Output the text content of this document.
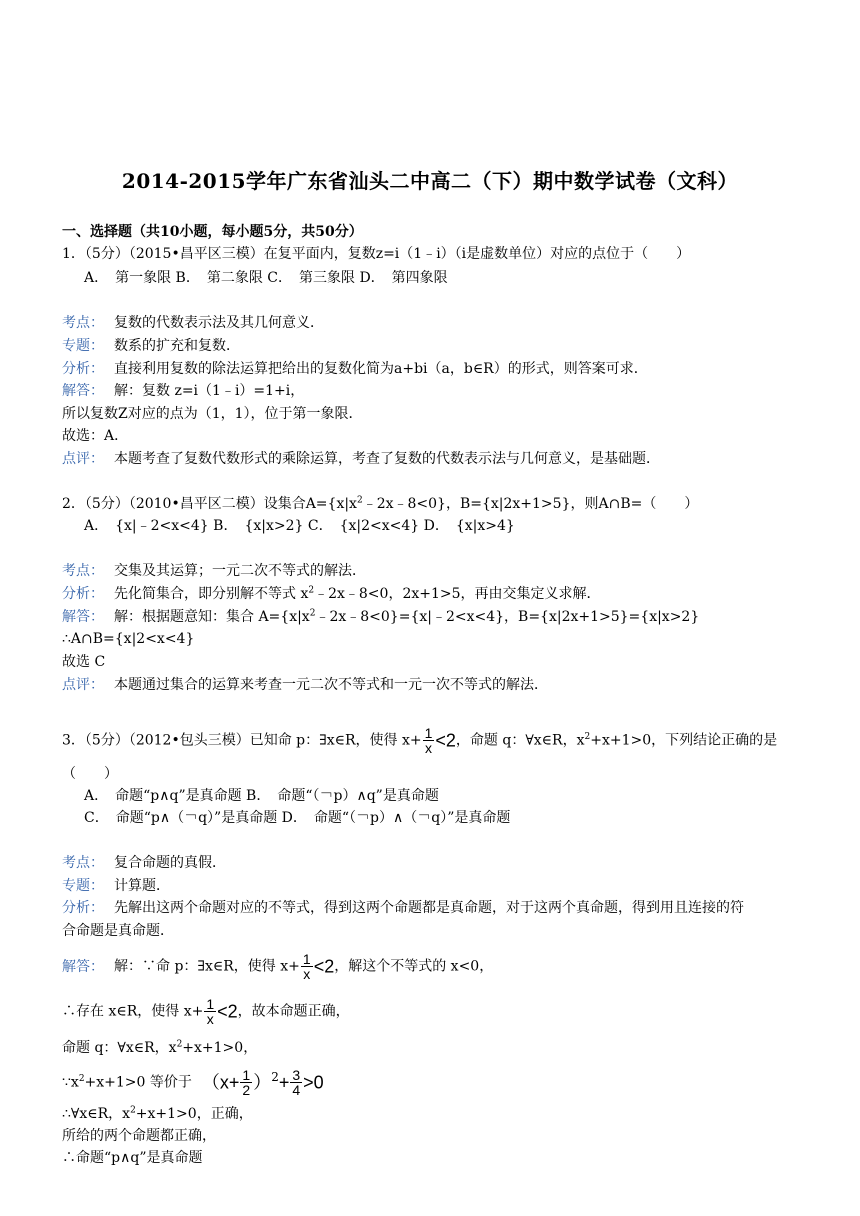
2014-2015学年广东省汕头二中高二（下）期中数学试卷（文科）
一、选择题（共10小题，每小题5分，共50分）
1．（5分）（2015•昌平区三模）在复平面内，复数z=i（1﹣i）（i是虚数单位）对应的点位于（　　）
A．　第一象限 B．　第二象限 C．　第三象限 D．　第四象限
考点： 复数的代数表示法及其几何意义．
专题： 数系的扩充和复数．
分析： 直接利用复数的除法运算把给出的复数化简为a+bi（a，b∈R）的形式，则答案可求．
解答： 解：复数 z=i（1﹣i）=1+i，
所以复数Z对应的点为（1，1），位于第一象限．
故选：A．
点评： 本题考查了复数代数形式的乘除运算，考查了复数的代数表示法与几何意义，是基础题．
2．（5分）（2010•昌平区二模）设集合$A=\{x|x^2﹣2x﹣8<0\}$，B={x|2x+1>5}，则A∩B=（　　）
A．　{x|﹣2<x<4} B．　{x|x>2} C．　{x|2<x<4} D．　{x|x>4}
考点： 交集及其运算；一元二次不等式的解法．
分析： 先化简集合，即分别解不等式 $x^2﹣2x﹣8<0$，2x+1>5，再由交集定义求解．
解答： 解：根据题意知：集合 $A=\{x|x^2﹣2x﹣8<0\}=\{x|﹣2<x<4\}$，B={x|2x+1>5}={x|x>2}
∴A∩B={x|2<x<4}
故选 C
点评： 本题通过集合的运算来考查一元二次不等式和一元一次不等式的解法．
3．（5分）（2012•包头三模）已知命 p：∃x∈R，使得 $x+ \frac{1}{x} <2$，命题 q：∀x∈R，$x^2+x+1>0$，下列结论正确的是
（　　）
A．　命题“p∧q”是真命题 B．　命题“（￢p）∧q”是真命题
C．　命题“p∧（￢q）”是真命题 D．　命题“（￢p）∧（￢q）”是真命题
考点： 复合命题的真假．
专题： 计算题．
分析： 先解出这两个命题对应的不等式，得到这两个命题都是真命题，对于这两个真命题，得到用且连接的符
合命题是真命题．
解答： 解：∵命 p：∃x∈R，使得 $x+ \frac{1}{x} <2$，解这个不等式的 x<0，
∴存在 x∈R，使得 $x+ \frac{1}{x} <2$，故本命题正确，
命题 q：∀x∈R，$x^2+x+1>0$，
$\because x^2+x+1>0$ 等价于 $(x+ \frac{1}{2} )2+ \frac{3}{4} >0$
∴∀x∈R，$x^2+x+1>0$，正确，
所给的两个命题都正确，
∴命题“p∧q”是真命题
